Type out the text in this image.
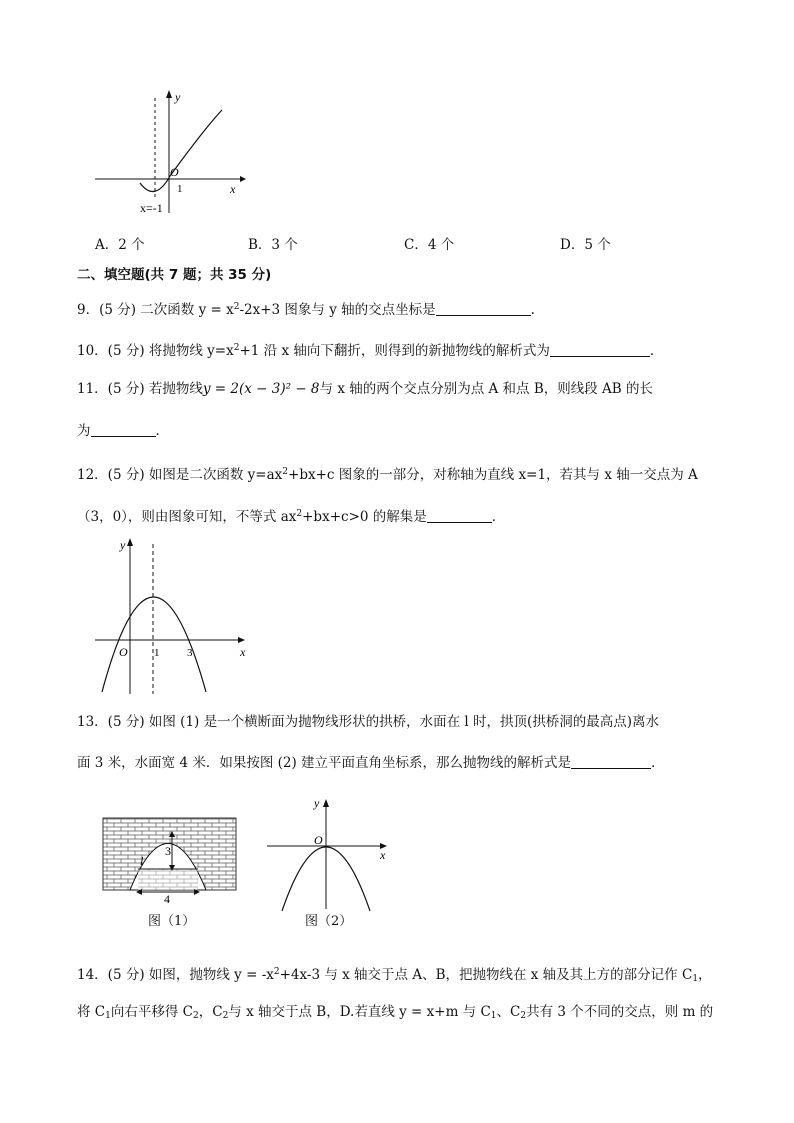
y
O
1	x
x=-1
A．2 个	B．3 个	C．4 个	D．5 个
二、填空题(共 7 题；共 35 分)
9．(5 分) 二次函数 $y = x^2-2x+3$ 图象与 y 轴的交点坐标是	.
10．(5 分) 将抛物线 $y=x^2+1$ 沿 x 轴向下翻折，则得到的新抛物线的解析式为	．
11．(5 分) 若抛物线y = 2(x − 3)² − 8与 x 轴的两个交点分别为点 A 和点 B，则线段 AB 的长
为	．
12．(5 分) 如图是二次函数 $y=ax^2+bx+c$ 图象的一部分，对称轴为直线 x=1，若其与 x 轴一交点为 A
（3，0），则由图象可知，不等式 $ax^2+bx+c>0$ 的解集是	．
y
O 1	3	x
13．(5 分) 如图 (1) 是一个横断面为抛物线形状的拱桥，水面在 l 时，拱顶(拱桥洞的最高点)离水
面 3 米，水面宽 4 米．如果按图 (2) 建立平面直角坐标系，那么抛物线的解析式是	．
3
l
4
图（1）
y
O
x
图（2）
14．(5 分) 如图，抛物线 $y = -x^2+4x-3$ 与 x 轴交于点 A、B，把抛物线在 x 轴及其上方的部分记作 $C_1$，
将 $C_1$向右平移得 $C_2$，$C_2$与 x 轴交于点 B，D.若直线 y = x+m 与 $C_1$、$C_2$共有 3 个不同的交点，则 m 的
